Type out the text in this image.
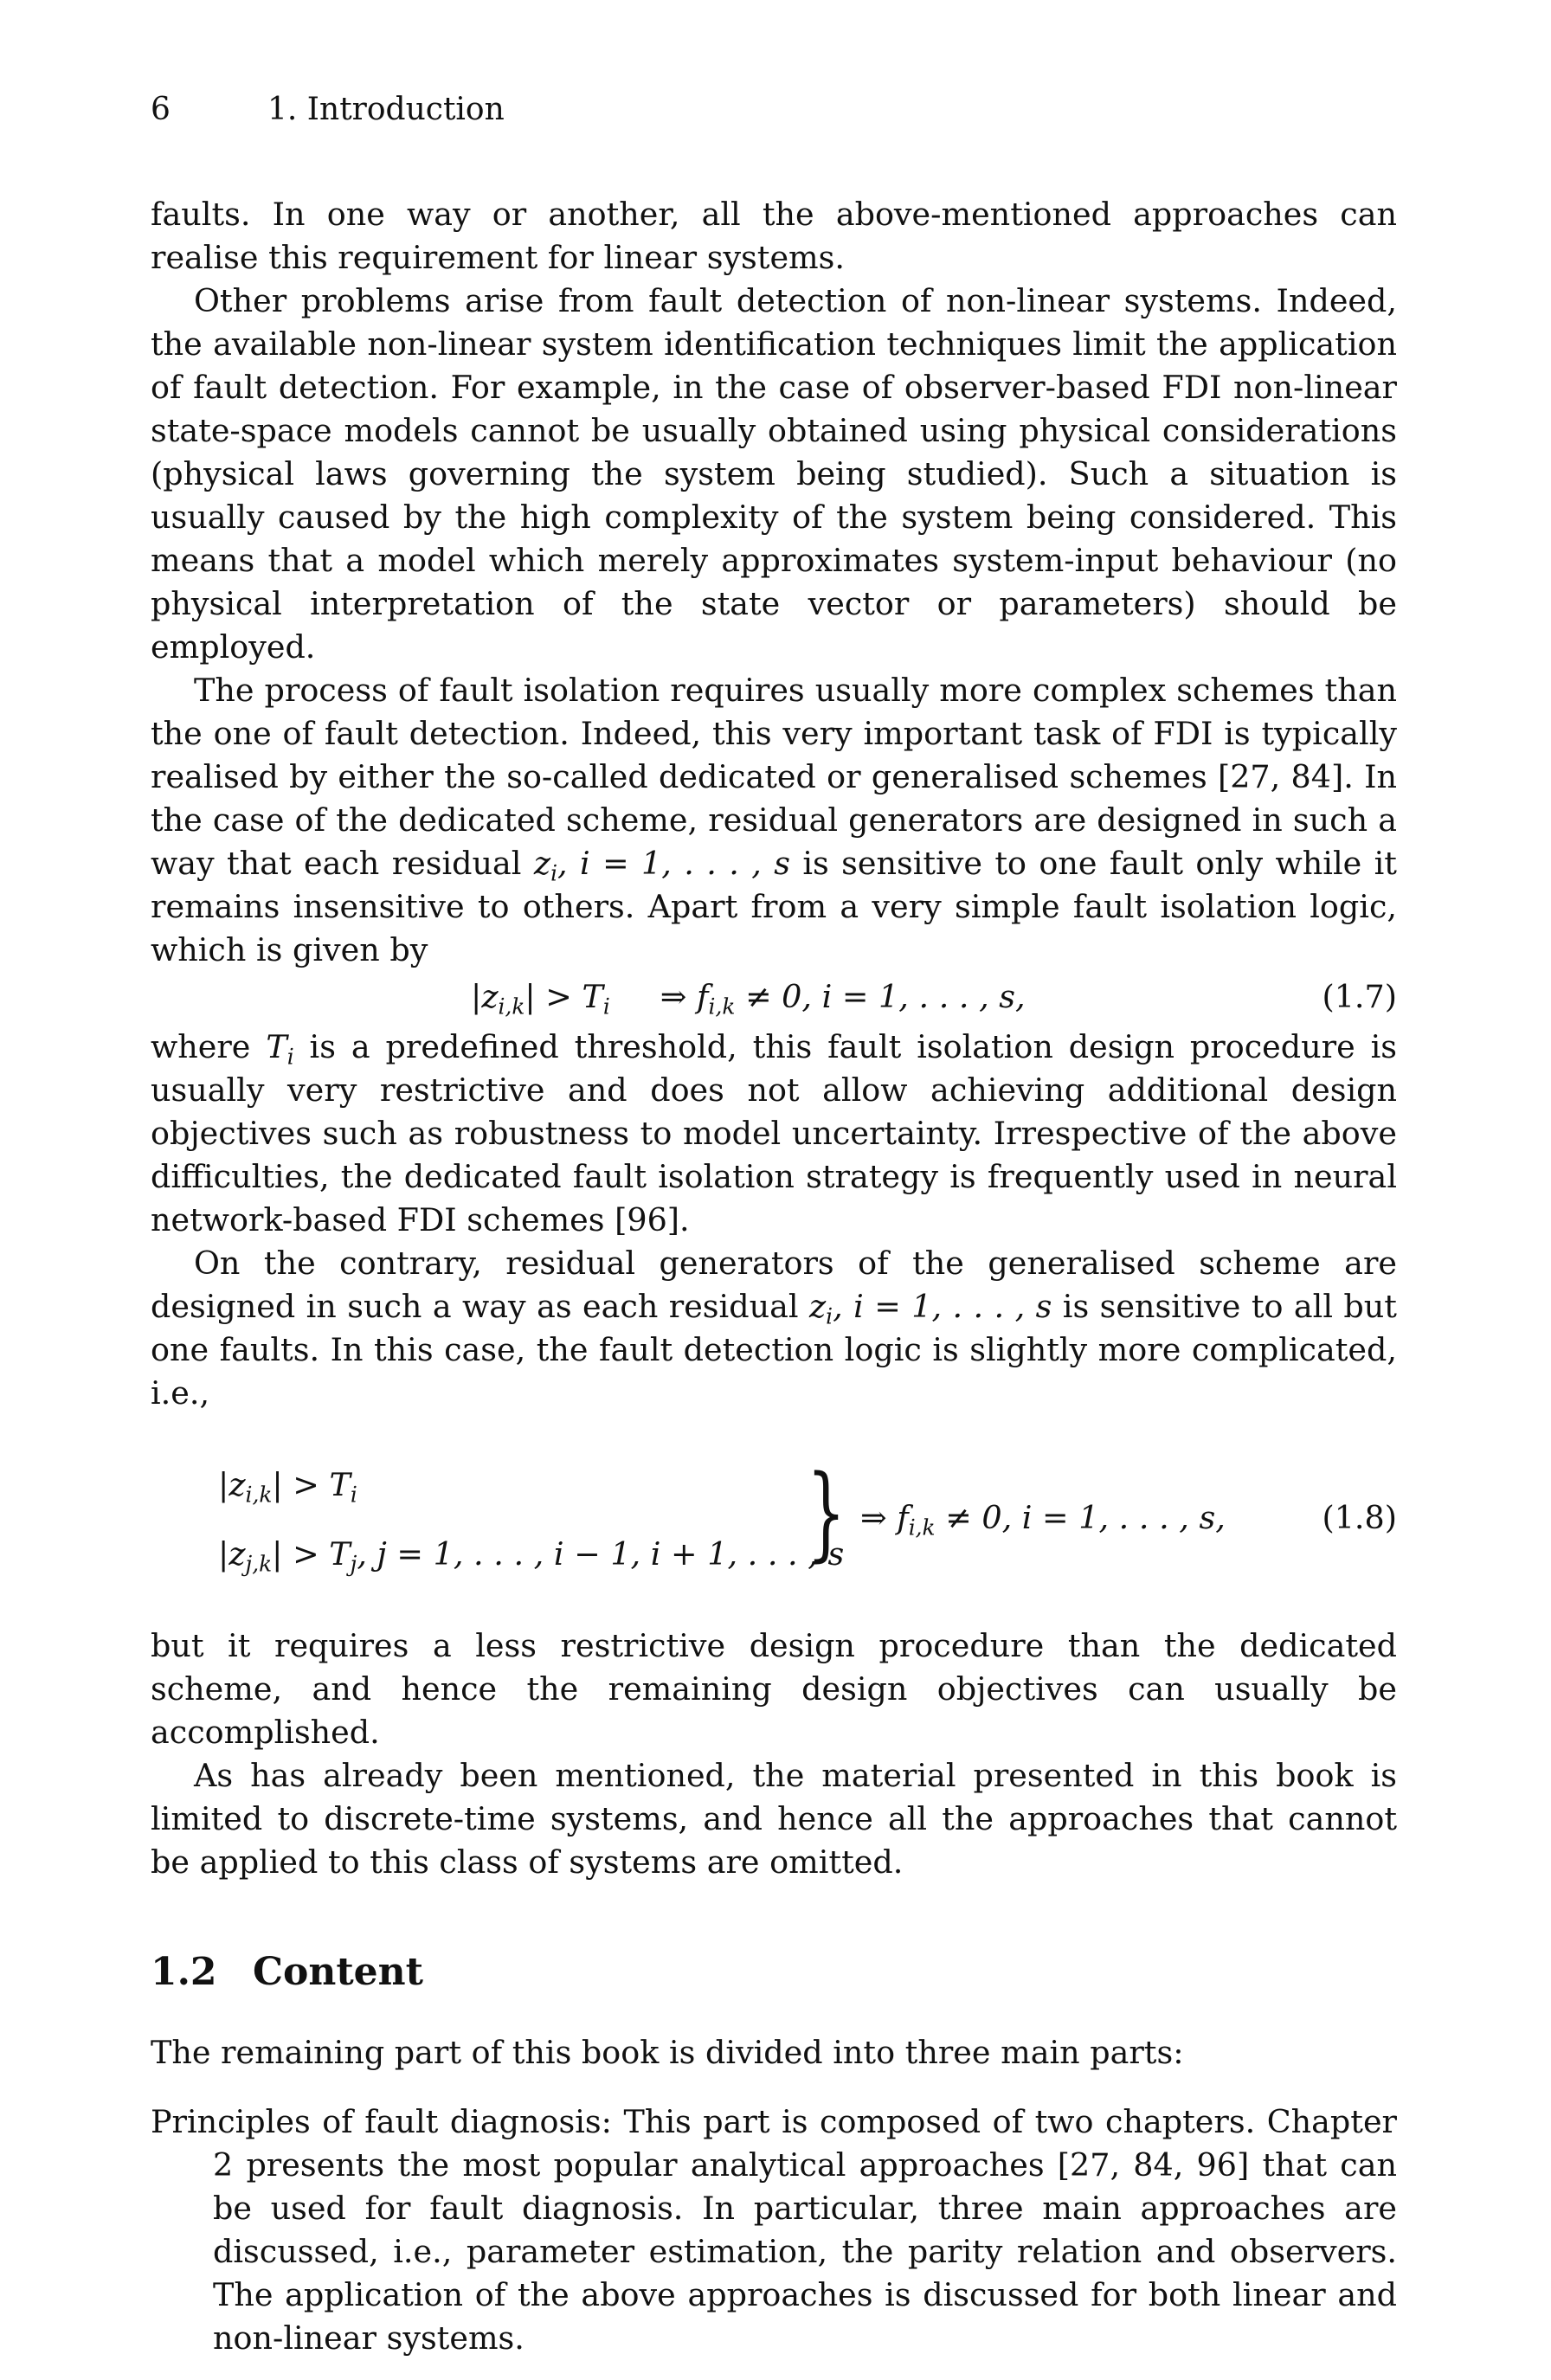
6	1. Introduction

faults. In one way or another, all the above-mentioned approaches can realise this requirement for linear systems.

Other problems arise from fault detection of non-linear systems. Indeed, the available non-linear system identification techniques limit the application of fault detection. For example, in the case of observer-based FDI non-linear state-space models cannot be usually obtained using physical considerations (physical laws governing the system being studied). Such a situation is usually caused by the high complexity of the system being considered. This means that a model which merely approximates system-input behaviour (no physical interpretation of the state vector or parameters) should be employed.

The process of fault isolation requires usually more complex schemes than the one of fault detection. Indeed, this very important task of FDI is typically realised by either the so-called dedicated or generalised schemes [27, 84]. In the case of the dedicated scheme, residual generators are designed in such a way that each residual $z_i$, i = 1, . . . , s is sensitive to one fault only while it remains insensitive to others. Apart from a very simple fault isolation logic, which is given by

$|z_{i,k}| > T_i$     ⇒ $f_{i,k} \ne 0$, i = 1, . . . , s,	(1.7)

where $T_i$ is a predefined threshold, this fault isolation design procedure is usually very restrictive and does not allow achieving additional design objectives such as robustness to model uncertainty. Irrespective of the above difficulties, the dedicated fault isolation strategy is frequently used in neural network-based FDI schemes [96].

On the contrary, residual generators of the generalised scheme are designed in such a way as each residual $z_i$, i = 1, . . . , s is sensitive to all but one faults. In this case, the fault detection logic is slightly more complicated, i.e.,

$|z_{i,k}| > T_i$
$|z_{j,k}| > T_j$, j = 1, . . . , i − 1, i + 1, . . . , s
} ⇒ $f_{i,k} \ne 0$, i = 1, . . . , s,	(1.8)

but it requires a less restrictive design procedure than the dedicated scheme, and hence the remaining design objectives can usually be accomplished.

As has already been mentioned, the material presented in this book is limited to discrete-time systems, and hence all the approaches that cannot be applied to this class of systems are omitted.

1.2 Content

The remaining part of this book is divided into three main parts:

Principles of fault diagnosis: This part is composed of two chapters. Chapter 2 presents the most popular analytical approaches [27, 84, 96] that can be used for fault diagnosis. In particular, three main approaches are discussed, i.e., parameter estimation, the parity relation and observers. The application of the above approaches is discussed for both linear and non-linear systems.
